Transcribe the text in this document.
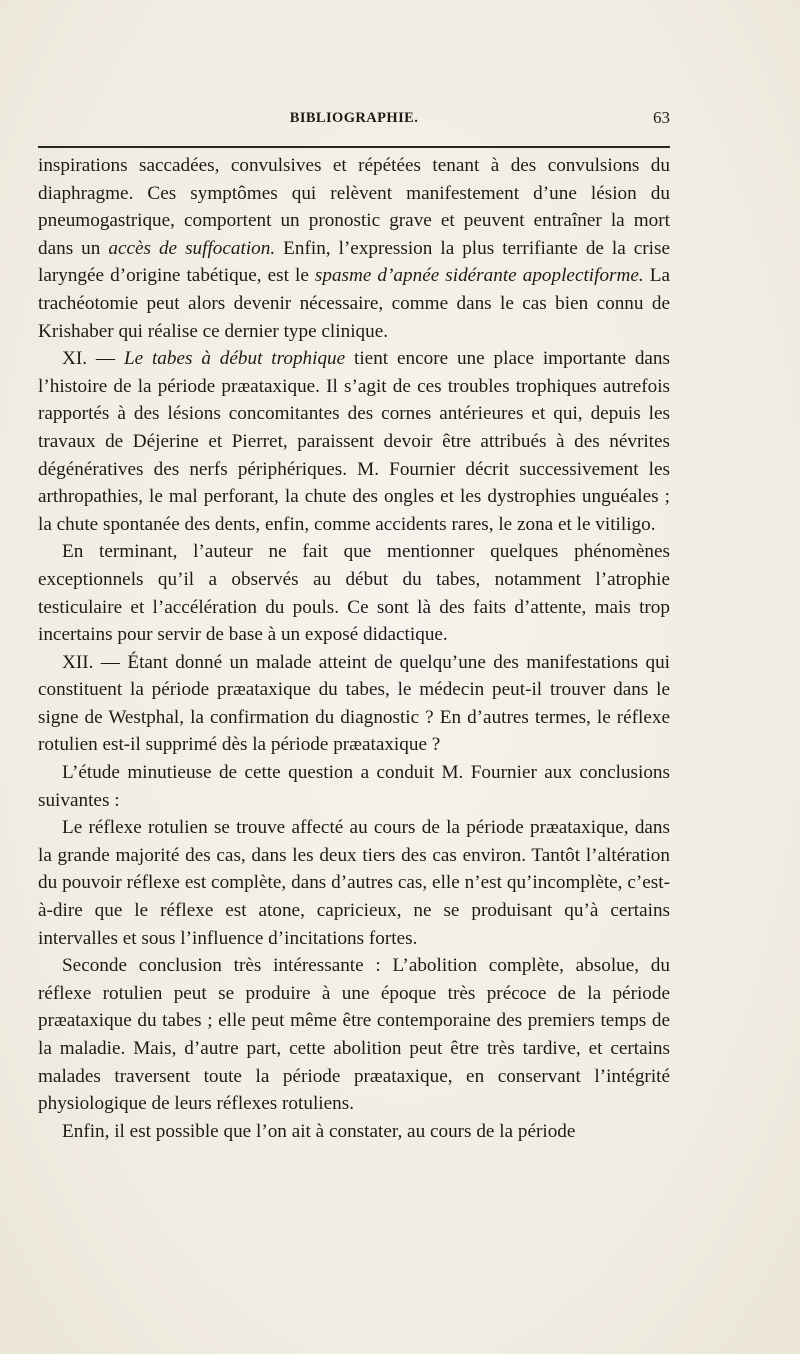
BIBLIOGRAPHIE.	63

inspirations saccadées, convulsives et répétées tenant à des convulsions du diaphragme. Ces symptômes qui relèvent manifestement d’une lésion du pneumogastrique, comportent un pronostic grave et peuvent entraîner la mort dans un accès de suffocation. Enfin, l’expression la plus terrifiante de la crise laryngée d’origine tabétique, est le spasme d’apnée sidérante apoplectiforme. La trachéotomie peut alors devenir nécessaire, comme dans le cas bien connu de Krishaber qui réalise ce dernier type clinique.

XI. — Le tabes à début trophique tient encore une place importante dans l’histoire de la période præataxique. Il s’agit de ces troubles trophiques autrefois rapportés à des lésions concomitantes des cornes antérieures et qui, depuis les travaux de Déjerine et Pierret, paraissent devoir être attribués à des névrites dégénératives des nerfs périphériques. M. Fournier décrit successivement les arthropathies, le mal perforant, la chute des ongles et les dystrophies unguéales ; la chute spontanée des dents, enfin, comme accidents rares, le zona et le vitiligo.

En terminant, l’auteur ne fait que mentionner quelques phénomènes exceptionnels qu’il a observés au début du tabes, notamment l’atrophie testiculaire et l’accélération du pouls. Ce sont là des faits d’attente, mais trop incertains pour servir de base à un exposé didactique.

XII. — Étant donné un malade atteint de quelqu’une des manifestations qui constituent la période præataxique du tabes, le médecin peut-il trouver dans le signe de Westphal, la confirmation du diagnostic ? En d’autres termes, le réflexe rotulien est-il supprimé dès la période præataxique ?

L’étude minutieuse de cette question a conduit M. Fournier aux conclusions suivantes :

Le réflexe rotulien se trouve affecté au cours de la période præataxique, dans la grande majorité des cas, dans les deux tiers des cas environ. Tantôt l’altération du pouvoir réflexe est complète, dans d’autres cas, elle n’est qu’incomplète, c’est-à-dire que le réflexe est atone, capricieux, ne se produisant qu’à certains intervalles et sous l’influence d’incitations fortes.

Seconde conclusion très intéressante : L’abolition complète, absolue, du réflexe rotulien peut se produire à une époque très précoce de la période præataxique du tabes ; elle peut même être contemporaine des premiers temps de la maladie. Mais, d’autre part, cette abolition peut être très tardive, et certains malades traversent toute la période præataxique, en conservant l’intégrité physiologique de leurs réflexes rotuliens.

Enfin, il est possible que l’on ait à constater, au cours de la période
